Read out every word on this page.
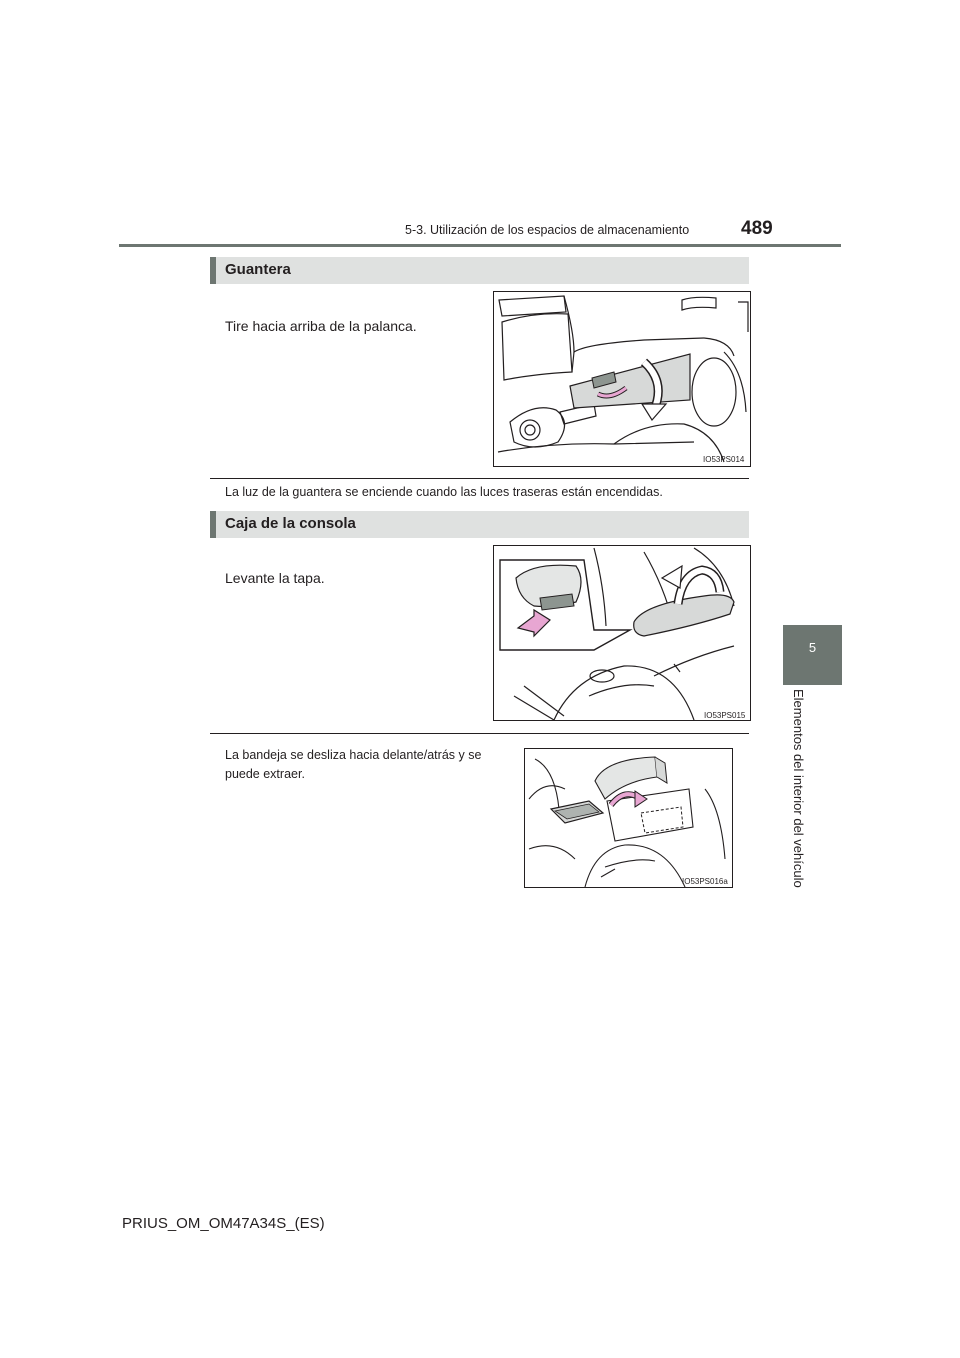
5-3. Utilización de los espacios de almacenamiento	489
5
Elementos del interior del vehículo
Guantera
Tire hacia arriba de la palanca.
IO53PS014
La luz de la guantera se enciende cuando las luces traseras están encendidas.
Caja de la consola
Levante la tapa.
IO53PS015
La bandeja se desliza hacia delante/atrás y se
puede extraer.
IO53PS016a
PRIUS_OM_OM47A34S_(ES)
